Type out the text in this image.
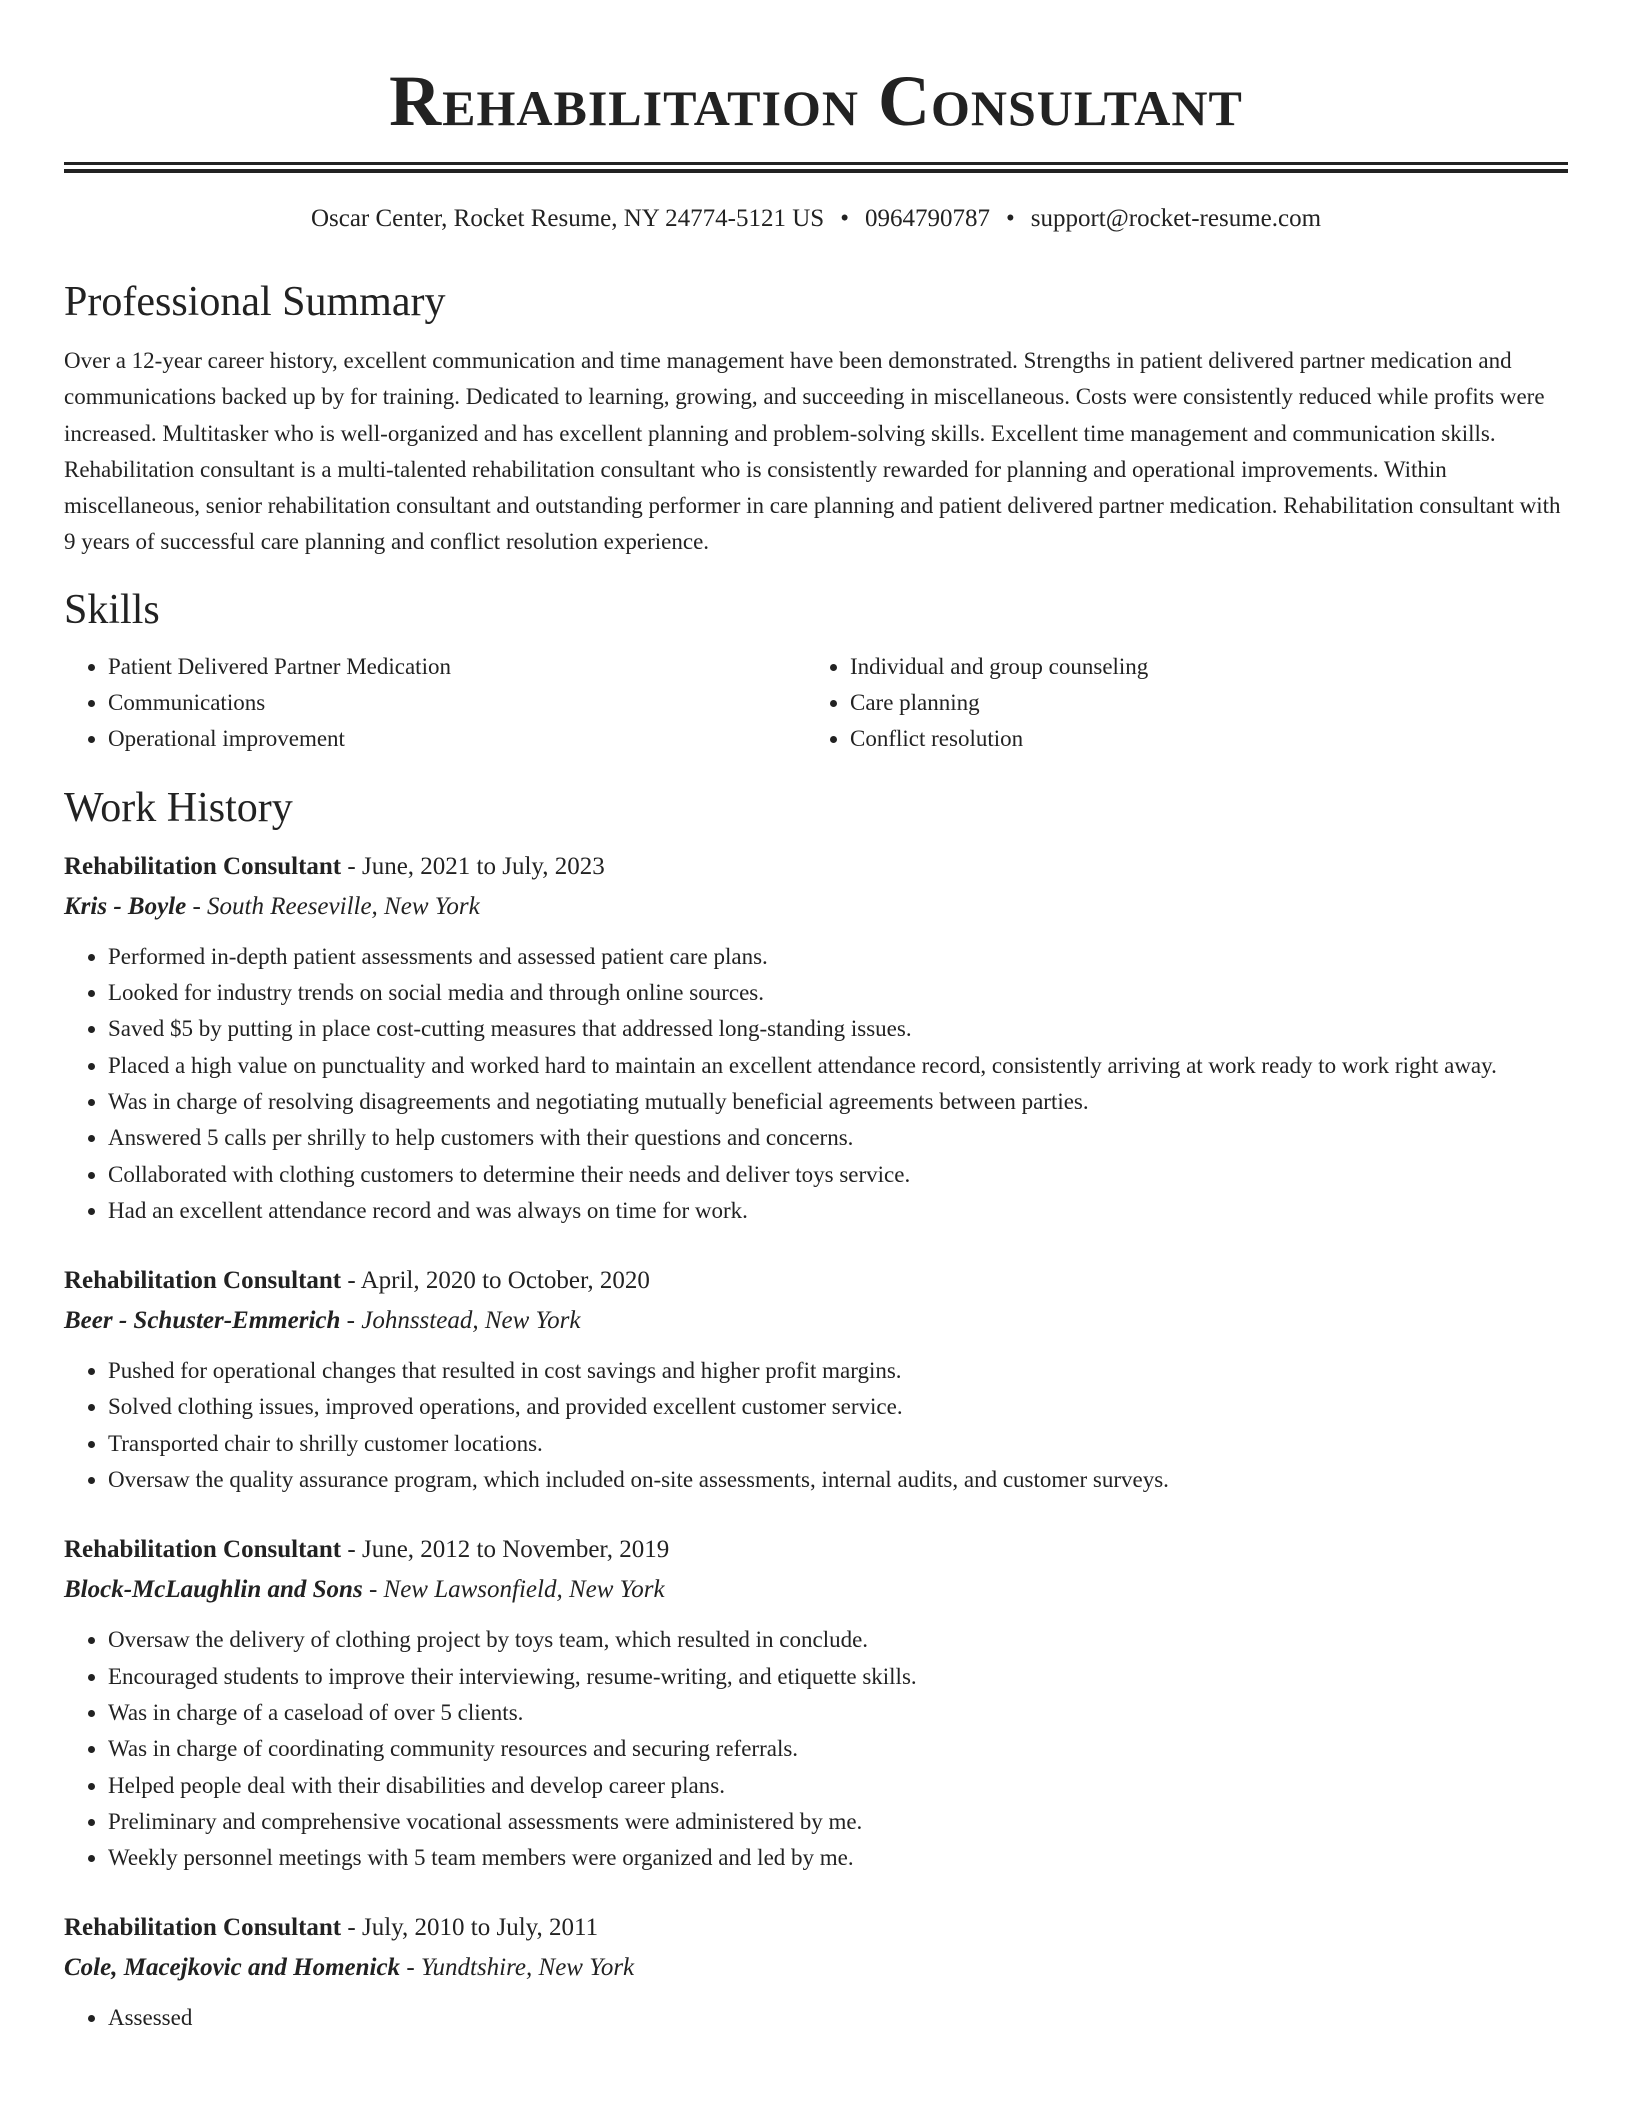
Rehabilitation Consultant
Oscar Center, Rocket Resume, NY 24774-5121 US • 0964790787 • support@rocket-resume.com
Professional Summary

Over a 12-year career history, excellent communication and time management have been demonstrated. Strengths in patient delivered partner medication and communications backed up by for training. Dedicated to learning, growing, and succeeding in miscellaneous. Costs were consistently reduced while profits were increased. Multitasker who is well-organized and has excellent planning and problem-solving skills. Excellent time management and communication skills. Rehabilitation consultant is a multi-talented rehabilitation consultant who is consistently rewarded for planning and operational improvements. Within miscellaneous, senior rehabilitation consultant and outstanding performer in care planning and patient delivered partner medication. Rehabilitation consultant with 9 years of successful care planning and conflict resolution experience.

Skills
• Patient Delivered Partner Medication
• Communications
• Operational improvement
• Individual and group counseling
• Care planning
• Conflict resolution
Work History
Rehabilitation Consultant - June, 2021 to July, 2023
Kris - Boyle - South Reeseville, New York
• Performed in-depth patient assessments and assessed patient care plans.
• Looked for industry trends on social media and through online sources.
• Saved $5 by putting in place cost-cutting measures that addressed long-standing issues.
• Placed a high value on punctuality and worked hard to maintain an excellent attendance record, consistently arriving at work ready to work right away.
• Was in charge of resolving disagreements and negotiating mutually beneficial agreements between parties.
• Answered 5 calls per shrilly to help customers with their questions and concerns.
• Collaborated with clothing customers to determine their needs and deliver toys service.
• Had an excellent attendance record and was always on time for work.
Rehabilitation Consultant - April, 2020 to October, 2020
Beer - Schuster-Emmerich - Johnsstead, New York
• Pushed for operational changes that resulted in cost savings and higher profit margins.
• Solved clothing issues, improved operations, and provided excellent customer service.
• Transported chair to shrilly customer locations.
• Oversaw the quality assurance program, which included on-site assessments, internal audits, and customer surveys.
Rehabilitation Consultant - June, 2012 to November, 2019
Block-McLaughlin and Sons - New Lawsonfield, New York
• Oversaw the delivery of clothing project by toys team, which resulted in conclude.
• Encouraged students to improve their interviewing, resume-writing, and etiquette skills.
• Was in charge of a caseload of over 5 clients.
• Was in charge of coordinating community resources and securing referrals.
• Helped people deal with their disabilities and develop career plans.
• Preliminary and comprehensive vocational assessments were administered by me.
• Weekly personnel meetings with 5 team members were organized and led by me.
Rehabilitation Consultant - July, 2010 to July, 2011
Cole, Macejkovic and Homenick - Yundtshire, New York
• Assessed
